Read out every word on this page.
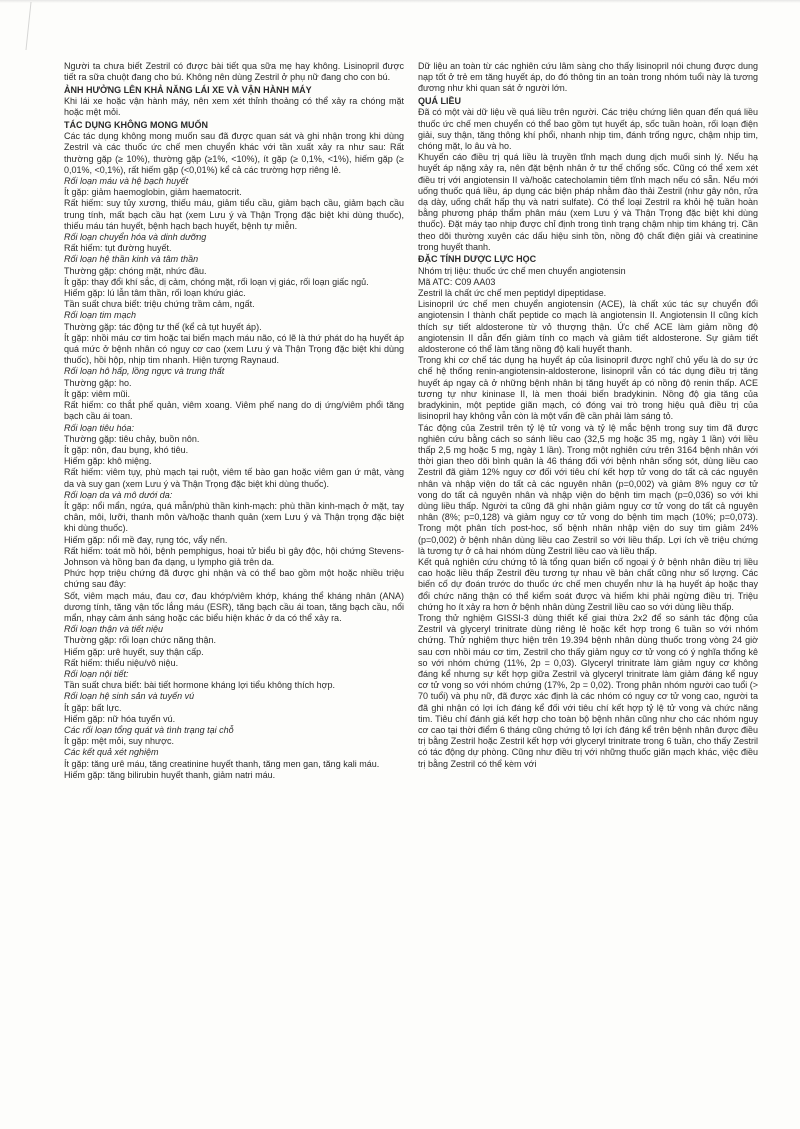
Người ta chưa biết Zestril có được bài tiết qua sữa mẹ hay không. Lisinopril được tiết ra sữa chuột đang cho bú. Không nên dùng Zestril ở phụ nữ đang cho con bú.

ẢNH HƯỞNG LÊN KHẢ NĂNG LÁI XE VÀ VẬN HÀNH MÁY

Khi lái xe hoặc vận hành máy, nên xem xét thỉnh thoảng có thể xảy ra chóng mặt hoặc mệt mỏi.

TÁC DỤNG KHÔNG MONG MUỐN

Các tác dụng không mong muốn sau đã được quan sát và ghi nhận trong khi dùng Zestril và các thuốc ức chế men chuyển khác với tần xuất xảy ra như sau: Rất thường gặp (≥ 10%), thường gặp (≥1%, <10%), ít gặp (≥ 0,1%, <1%), hiếm gặp (≥ 0,01%, <0,1%), rất hiếm gặp (<0,01%) kể cả các trường hợp riêng lẻ.

Rối loạn máu và hệ bạch huyết

Ít gặp: giảm haemoglobin, giảm haematocrit.

Rất hiếm: suy tủy xương, thiếu máu, giảm tiểu cầu, giảm bạch cầu, giảm bạch cầu trung tính, mất bạch cầu hạt (xem Lưu ý và Thận Trọng đặc biệt khi dùng thuốc), thiếu máu tán huyết, bệnh hạch bạch huyết, bệnh tự miễn.

Rối loạn chuyển hóa và dinh dưỡng

Rất hiếm: tụt đường huyết.

Rối loạn hệ thần kinh và tâm thần

Thường gặp: chóng mặt, nhức đầu.

Ít gặp: thay đổi khí sắc, dị cảm, chóng mặt, rối loạn vị giác, rối loạn giấc ngủ.

Hiếm gặp: lú lẫn tâm thần, rối loạn khứu giác.

Tần suất chưa biết: triệu chứng trầm cảm, ngất.

Rối loạn tim mạch

Thường gặp: tác động tư thế (kể cả tụt huyết áp).

Ít gặp: nhồi máu cơ tim hoặc tai biến mạch máu não, có lẽ là thứ phát do hạ huyết áp quá mức ở bệnh nhân có nguy cơ cao (xem Lưu ý và Thận Trọng đặc biệt khi dùng thuốc), hồi hộp, nhịp tim nhanh. Hiện tượng Raynaud.

Rối loạn hô hấp, lồng ngực và trung thất

Thường gặp: ho.

Ít gặp: viêm mũi.

Rất hiếm: co thắt phế quản, viêm xoang. Viêm phế nang do dị ứng/viêm phổi tăng bạch cầu ái toan.

Rối loạn tiêu hóa:

Thường gặp: tiêu chảy, buồn nôn.

Ít gặp: nôn, đau bụng, khó tiêu.

Hiếm gặp: khô miệng.

Rất hiếm: viêm tụy, phù mạch tại ruột, viêm tế bào gan hoặc viêm gan ứ mật, vàng da và suy gan (xem Lưu ý và Thận Trọng đặc biệt khi dùng thuốc).

Rối loạn da và mô dưới da:

Ít gặp: nổi mẩn, ngứa, quá mẫn/phù thần kinh-mạch: phù thần kinh-mạch ở mặt, tay chân, môi, lưỡi, thanh môn và/hoặc thanh quản (xem Lưu ý và Thận trọng đặc biệt khi dùng thuốc).

Hiếm gặp: nổi mề đay, rụng tóc, vẩy nến.

Rất hiếm: toát mồ hôi, bệnh pemphigus, hoại tử biểu bì gây độc, hội chứng Stevens-Johnson và hồng ban đa dạng, u lympho giả trên da.

Phức hợp triệu chứng đã được ghi nhận và có thể bao gồm một hoặc nhiều triệu chứng sau đây:

Sốt, viêm mạch máu, đau cơ, đau khớp/viêm khớp, kháng thể kháng nhân (ANA) dương tính, tăng vận tốc lắng máu (ESR), tăng bạch cầu ái toan, tăng bạch cầu, nổi mẩn, nhạy cảm ánh sáng hoặc các biểu hiện khác ở da có thể xảy ra.

Rối loạn thận và tiết niệu

Thường gặp: rối loạn chức năng thận.

Hiếm gặp: urê huyết, suy thận cấp.

Rất hiếm: thiểu niệu/vô niệu.

Rối loạn nội tiết:

Tần suất chưa biết: bài tiết hormone kháng lợi tiểu không thích hợp.

Rối loạn hệ sinh sản và tuyến vú

Ít gặp: bất lực.

Hiếm gặp: nữ hóa tuyến vú.

Các rối loạn tổng quát và tình trạng tại chỗ

Ít gặp: mệt mỏi, suy nhược.

Các kết quả xét nghiệm

Ít gặp: tăng urê máu, tăng creatinine huyết thanh, tăng men gan, tăng kali máu.

Hiếm gặp: tăng bilirubin huyết thanh, giảm natri máu.

Dữ liệu an toàn từ các nghiên cứu lâm sàng cho thấy lisinopril nói chung được dung nạp tốt ở trẻ em tăng huyết áp, do đó thông tin an toàn trong nhóm tuổi này là tương đương như khi quan sát ở người lớn.

QUÁ LIỀU

Đã có một vài dữ liệu về quá liều trên người. Các triệu chứng liên quan đến quá liều thuốc ức chế men chuyển có thể bao gồm tụt huyết áp, sốc tuần hoàn, rối loạn điện giải, suy thận, tăng thông khí phổi, nhanh nhịp tim, đánh trống ngực, chậm nhịp tim, chóng mặt, lo âu và ho.

Khuyến cáo điều trị quá liều là truyền tĩnh mạch dung dịch muối sinh lý. Nếu hạ huyết áp nặng xảy ra, nên đặt bệnh nhân ở tư thế chống sốc. Cũng có thể xem xét điều trị với angiotensin II và/hoặc catecholamin tiêm tĩnh mạch nếu có sẵn. Nếu mới uống thuốc quá liều, áp dụng các biện pháp nhằm đào thải Zestril (như gây nôn, rửa dạ dày, uống chất hấp thụ và natri sulfate). Có thể loại Zestril ra khỏi hệ tuần hoàn bằng phương pháp thẩm phân máu (xem Lưu ý và Thận Trọng đặc biệt khi dùng thuốc). Đặt máy tạo nhịp được chỉ định trong tình trạng chậm nhịp tim kháng trị. Cần theo dõi thường xuyên các dấu hiệu sinh tồn, nồng độ chất điện giải và creatinine trong huyết thanh.

ĐẶC TÍNH DƯỢC LỰC HỌC

Nhóm trị liệu: thuốc ức chế men chuyển angiotensin

Mã ATC: C09 AA03

Zestril là chất ức chế men peptidyl dipeptidase.

Lisinopril ức chế men chuyển angiotensin (ACE), là chất xúc tác sự chuyển đổi angiotensin I thành chất peptide co mạch là angiotensin II. Angiotensin II cũng kích thích sự tiết aldosterone từ vỏ thượng thận. Ức chế ACE làm giảm nồng độ angiotensin II dẫn đến giảm tính co mạch và giảm tiết aldosterone. Sự giảm tiết aldosterone có thể làm tăng nồng độ kali huyết thanh.

Trong khi cơ chế tác dụng hạ huyết áp của lisinopril được nghĩ chủ yếu là do sự ức chế hệ thống renin-angiotensin-aldosterone, lisinopril vẫn có tác dụng điều trị tăng huyết áp ngay cả ở những bệnh nhân bị tăng huyết áp có nồng độ renin thấp. ACE tương tự như kininase II, là men thoái biến bradykinin. Nồng độ gia tăng của bradykinin, một peptide giãn mạch, có đóng vai trò trong hiệu quả điều trị của lisinopril hay không vẫn còn là một vấn đề cần phải làm sáng tỏ.

Tác động của Zestril trên tỷ lệ tử vong và tỷ lệ mắc bệnh trong suy tim đã được nghiên cứu bằng cách so sánh liều cao (32,5 mg hoặc 35 mg, ngày 1 lần) với liều thấp 2,5 mg hoặc 5 mg, ngày 1 lần). Trong một nghiên cứu trên 3164 bệnh nhân với thời gian theo dõi bình quân là 46 tháng đối với bệnh nhân sống sót, dùng liều cao Zestril đã giảm 12% nguy cơ đối với tiêu chí kết hợp tử vong do tất cả các nguyên nhân và nhập viện do tất cả các nguyên nhân (p=0,002) và giảm 8% nguy cơ tử vong do tất cả nguyên nhân và nhập viện do bệnh tim mạch (p=0,036) so với khi dùng liều thấp. Người ta cũng đã ghi nhận giảm nguy cơ tử vong do tất cả nguyên nhân (8%; p=0,128) và giảm nguy cơ tử vong do bệnh tim mạch (10%; p=0,073). Trong một phân tích post-hoc, số bệnh nhân nhập viện do suy tim giảm 24% (p=0,002) ở bệnh nhân dùng liều cao Zestril so với liều thấp. Lợi ích về triệu chứng là tương tự ở cả hai nhóm dùng Zestril liều cao và liều thấp.

Kết quả nghiên cứu chứng tỏ là tổng quan biến cố ngoại ý ở bệnh nhân điều trị liều cao hoặc liều thấp Zestril đều tương tự nhau về bản chất cũng như số lượng. Các biến cố dự đoán trước do thuốc ức chế men chuyển như là hạ huyết áp hoặc thay đổi chức năng thận có thể kiểm soát được và hiếm khi phải ngừng điều trị. Triệu chứng ho ít xảy ra hơn ở bệnh nhân dùng Zestril liều cao so với dùng liều thấp.

Trong thử nghiệm GISSI-3 dùng thiết kế giai thừa 2x2 để so sánh tác động của Zestril và glyceryl trinitrate dùng riêng lẻ hoặc kết hợp trong 6 tuần so với nhóm chứng. Thử nghiệm thực hiện trên 19.394 bệnh nhân dùng thuốc trong vòng 24 giờ sau cơn nhồi máu cơ tim, Zestril cho thấy giảm nguy cơ tử vong có ý nghĩa thống kê so với nhóm chứng (11%, 2p = 0,03). Glyceryl trinitrate làm giảm nguy cơ không đáng kể nhưng sự kết hợp giữa Zestril và glyceryl trinitrate làm giảm đáng kể nguy cơ tử vong so với nhóm chứng (17%, 2p = 0,02). Trong phân nhóm người cao tuổi (> 70 tuổi) và phụ nữ, đã được xác định là các nhóm có nguy cơ tử vong cao, người ta đã ghi nhận có lợi ích đáng kể đối với tiêu chí kết hợp tỷ lệ tử vong và chức năng tim. Tiêu chí đánh giá kết hợp cho toàn bộ bệnh nhân cũng như cho các nhóm nguy cơ cao tại thời điểm 6 tháng cũng chứng tỏ lợi ích đáng kể trên bệnh nhân được điều trị bằng Zestril hoặc Zestril kết hợp với glyceryl trinitrate trong 6 tuần, cho thấy Zestril có tác động dự phòng. Cũng như điều trị với những thuốc giãn mạch khác, việc điều trị bằng Zestril có thể kèm với
